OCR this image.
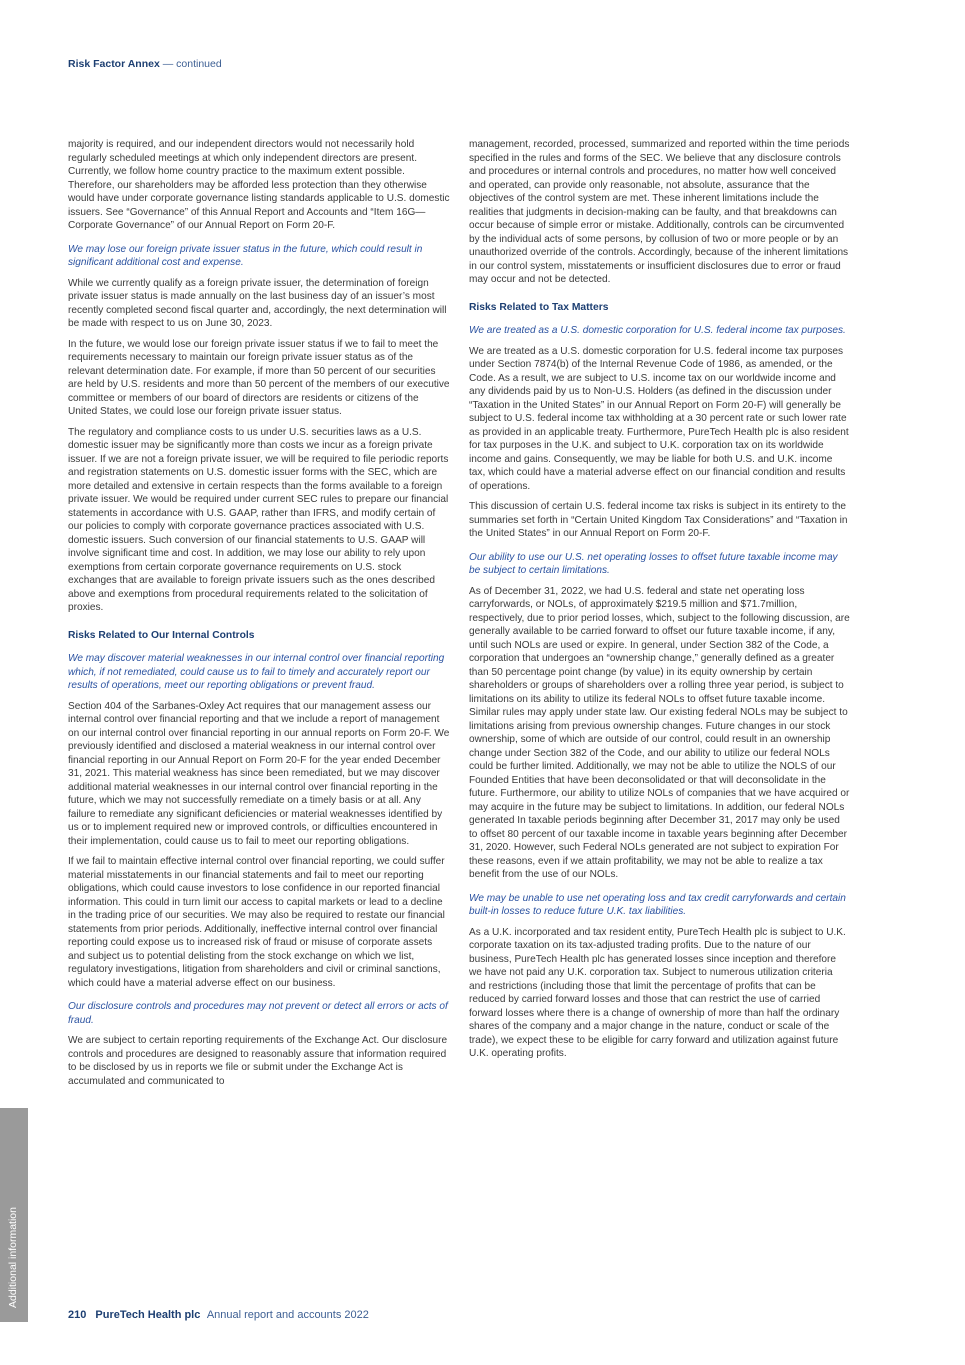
Risk Factor Annex — continued

majority is required, and our independent directors would not necessarily hold regularly scheduled meetings at which only independent directors are present. Currently, we follow home country practice to the maximum extent possible. Therefore, our shareholders may be afforded less protection than they otherwise would have under corporate governance listing standards applicable to U.S. domestic issuers. See “Governance” of this Annual Report and Accounts and “Item 16G—Corporate Governance” of our Annual Report on Form 20-F.

We may lose our foreign private issuer status in the future, which could result in significant additional cost and expense.

While we currently qualify as a foreign private issuer, the determination of foreign private issuer status is made annually on the last business day of an issuer’s most recently completed second fiscal quarter and, accordingly, the next determination will be made with respect to us on June 30, 2023.

In the future, we would lose our foreign private issuer status if we to fail to meet the requirements necessary to maintain our foreign private issuer status as of the relevant determination date. For example, if more than 50 percent of our securities are held by U.S. residents and more than 50 percent of the members of our executive committee or members of our board of directors are residents or citizens of the United States, we could lose our foreign private issuer status.

The regulatory and compliance costs to us under U.S. securities laws as a U.S. domestic issuer may be significantly more than costs we incur as a foreign private issuer. If we are not a foreign private issuer, we will be required to file periodic reports and registration statements on U.S. domestic issuer forms with the SEC, which are more detailed and extensive in certain respects than the forms available to a foreign private issuer. We would be required under current SEC rules to prepare our financial statements in accordance with U.S. GAAP, rather than IFRS, and modify certain of our policies to comply with corporate governance practices associated with U.S. domestic issuers. Such conversion of our financial statements to U.S. GAAP will involve significant time and cost. In addition, we may lose our ability to rely upon exemptions from certain corporate governance requirements on U.S. stock exchanges that are available to foreign private issuers such as the ones described above and exemptions from procedural requirements related to the solicitation of proxies.

Risks Related to Our Internal Controls

We may discover material weaknesses in our internal control over financial reporting which, if not remediated, could cause us to fail to timely and accurately report our results of operations, meet our reporting obligations or prevent fraud.

Section 404 of the Sarbanes-Oxley Act requires that our management assess our internal control over financial reporting and that we include a report of management on our internal control over financial reporting in our annual reports on Form 20-F. We previously identified and disclosed a material weakness in our internal control over financial reporting in our Annual Report on Form 20-F for the year ended December 31, 2021. This material weakness has since been remediated, but we may discover additional material weaknesses in our internal control over financial reporting in the future, which we may not successfully remediate on a timely basis or at all. Any failure to remediate any significant deficiencies or material weaknesses identified by us or to implement required new or improved controls, or difficulties encountered in their implementation, could cause us to fail to meet our reporting obligations.

If we fail to maintain effective internal control over financial reporting, we could suffer material misstatements in our financial statements and fail to meet our reporting obligations, which could cause investors to lose confidence in our reported financial information. This could in turn limit our access to capital markets or lead to a decline in the trading price of our securities. We may also be required to restate our financial statements from prior periods. Additionally, ineffective internal control over financial reporting could expose us to increased risk of fraud or misuse of corporate assets and subject us to potential delisting from the stock exchange on which we list, regulatory investigations, litigation from shareholders and civil or criminal sanctions, which could have a material adverse effect on our business.

Our disclosure controls and procedures may not prevent or detect all errors or acts of fraud.

We are subject to certain reporting requirements of the Exchange Act. Our disclosure controls and procedures are designed to reasonably assure that information required to be disclosed by us in reports we file or submit under the Exchange Act is accumulated and communicated to

management, recorded, processed, summarized and reported within the time periods specified in the rules and forms of the SEC. We believe that any disclosure controls and procedures or internal controls and procedures, no matter how well conceived and operated, can provide only reasonable, not absolute, assurance that the objectives of the control system are met. These inherent limitations include the realities that judgments in decision-making can be faulty, and that breakdowns can occur because of simple error or mistake. Additionally, controls can be circumvented by the individual acts of some persons, by collusion of two or more people or by an unauthorized override of the controls. Accordingly, because of the inherent limitations in our control system, misstatements or insufficient disclosures due to error or fraud may occur and not be detected.

Risks Related to Tax Matters

We are treated as a U.S. domestic corporation for U.S. federal income tax purposes.

We are treated as a U.S. domestic corporation for U.S. federal income tax purposes under Section 7874(b) of the Internal Revenue Code of 1986, as amended, or the Code. As a result, we are subject to U.S. income tax on our worldwide income and any dividends paid by us to Non-U.S. Holders (as defined in the discussion under “Taxation in the United States” in our Annual Report on Form 20-F) will generally be subject to U.S. federal income tax withholding at a 30 percent rate or such lower rate as provided in an applicable treaty. Furthermore, PureTech Health plc is also resident for tax purposes in the U.K. and subject to U.K. corporation tax on its worldwide income and gains. Consequently, we may be liable for both U.S. and U.K. income tax, which could have a material adverse effect on our financial condition and results of operations.

This discussion of certain U.S. federal income tax risks is subject in its entirety to the summaries set forth in “Certain United Kingdom Tax Considerations” and “Taxation in the United States” in our Annual Report on Form 20-F.

Our ability to use our U.S. net operating losses to offset future taxable income may be subject to certain limitations.

As of December 31, 2022, we had U.S. federal and state net operating loss carryforwards, or NOLs, of approximately $219.5 million and $71.7million, respectively, due to prior period losses, which, subject to the following discussion, are generally available to be carried forward to offset our future taxable income, if any, until such NOLs are used or expire. In general, under Section 382 of the Code, a corporation that undergoes an “ownership change,” generally defined as a greater than 50 percentage point change (by value) in its equity ownership by certain shareholders or groups of shareholders over a rolling three year period, is subject to limitations on its ability to utilize its federal NOLs to offset future taxable income. Similar rules may apply under state law. Our existing federal NOLs may be subject to limitations arising from previous ownership changes. Future changes in our stock ownership, some of which are outside of our control, could result in an ownership change under Section 382 of the Code, and our ability to utilize our federal NOLs could be further limited. Additionally, we may not be able to utilize the NOLS of our Founded Entities that have been deconsolidated or that will deconsolidate in the future. Furthermore, our ability to utilize NOLs of companies that we have acquired or may acquire in the future may be subject to limitations. In addition, our federal NOLs generated In taxable periods beginning after December 31, 2017 may only be used to offset 80 percent of our taxable income in taxable years beginning after December 31, 2020. However, such Federal NOLs generated are not subject to expiration For these reasons, even if we attain profitability, we may not be able to realize a tax benefit from the use of our NOLs.

We may be unable to use net operating loss and tax credit carryforwards and certain built-in losses to reduce future U.K. tax liabilities.

As a U.K. incorporated and tax resident entity, PureTech Health plc is subject to U.K. corporate taxation on its tax-adjusted trading profits. Due to the nature of our business, PureTech Health plc has generated losses since inception and therefore we have not paid any U.K. corporation tax. Subject to numerous utilization criteria and restrictions (including those that limit the percentage of profits that can be reduced by carried forward losses and those that can restrict the use of carried forward losses where there is a change of ownership of more than half the ordinary shares of the company and a major change in the nature, conduct or scale of the trade), we expect these to be eligible for carry forward and utilization against future U.K. operating profits.

Additional information
210 PureTech Health plc Annual report and accounts 2022
